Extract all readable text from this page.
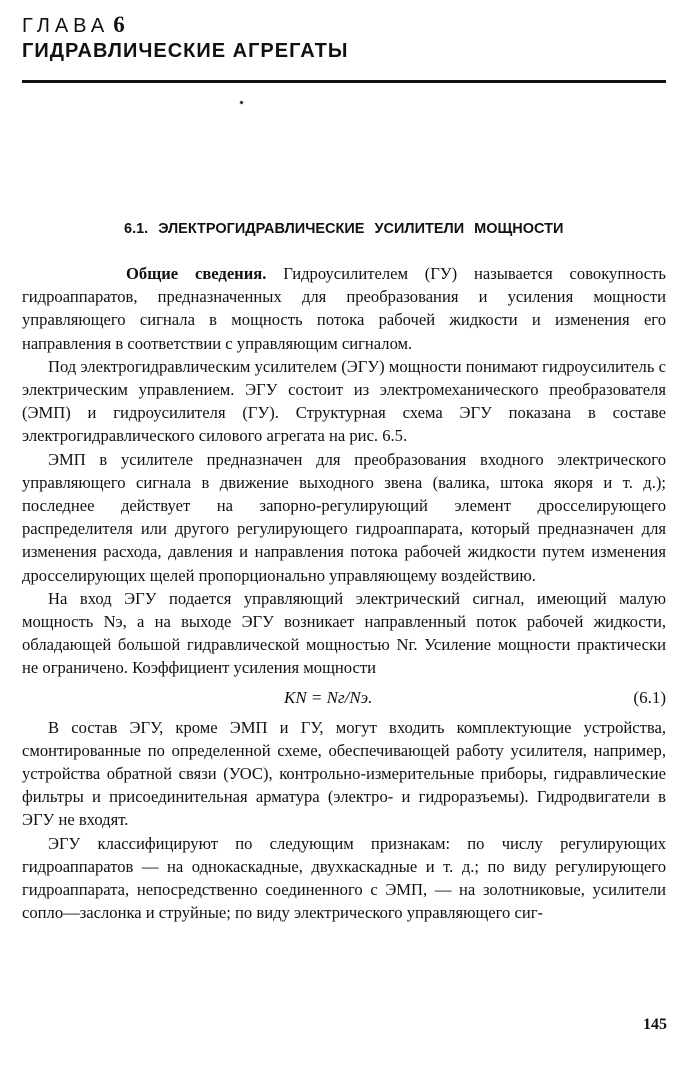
ГЛАВА 6
ГИДРАВЛИЧЕСКИЕ АГРЕГАТЫ
6.1. ЭЛЕКТРОГИДРАВЛИЧЕСКИЕ УСИЛИТЕЛИ МОЩНОСТИ

Общие сведения. Гидроусилителем (ГУ) называется совокупность гидроаппаратов, предназначенных для преобразования и усиления мощности управляющего сигнала в мощность потока рабочей жидкости и изменения его направления в соответствии с управляющим сигналом.

Под электрогидравлическим усилителем (ЭГУ) мощности понимают гидроусилитель с электрическим управлением. ЭГУ состоит из электромеханического преобразователя (ЭМП) и гидроусилителя (ГУ). Структурная схема ЭГУ показана в составе электрогидравлического силового агрегата на рис. 6.5.

ЭМП в усилителе предназначен для преобразования входного электрического управляющего сигнала в движение выходного звена (валика, штока якоря и т. д.); последнее действует на запорно-регулирующий элемент дросселирующего распределителя или другого регулирующего гидроаппарата, который предназначен для изменения расхода, давления и направления потока рабочей жидкости путем изменения дросселирующих щелей пропорционально управляющему воздействию.

На вход ЭГУ подается управляющий электрический сигнал, имеющий малую мощность Nэ, а на выходе ЭГУ возникает направленный поток рабочей жидкости, обладающей большой гидравлической мощностью Nг. Усиление мощности практически не ограничено. Коэффициент усиления мощности

KN = Nг/Nэ.	(6.1)

В состав ЭГУ, кроме ЭМП и ГУ, могут входить комплектующие устройства, смонтированные по определенной схеме, обеспечивающей работу усилителя, например, устройства обратной связи (УОС), контрольно-измерительные приборы, гидравлические фильтры и присоединительная арматура (электро- и гидроразъемы). Гидродвигатели в ЭГУ не входят.

ЭГУ классифицируют по следующим признакам: по числу регулирующих гидроаппаратов — на однокаскадные, двухкаскадные и т. д.; по виду регулирующего гидроаппарата, непосредственно соединенного с ЭМП, — на золотниковые, усилители сопло—заслонка и струйные; по виду электрического управляющего сиг-

145
